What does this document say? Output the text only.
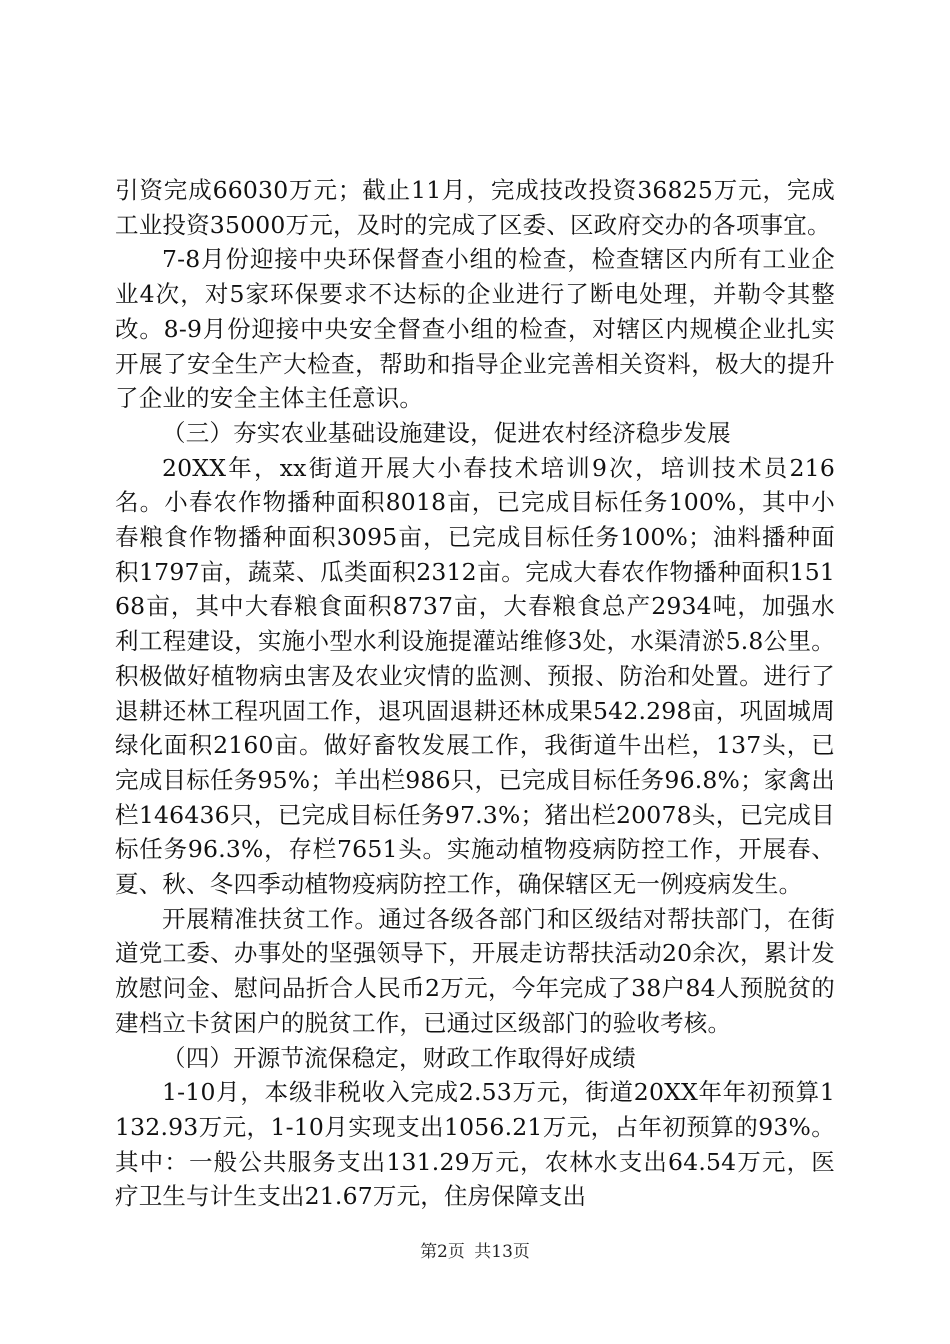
引资完成66030万元；截止11月，完成技改投资36825万元，完成工业投资35000万元，及时的完成了区委、区政府交办的各项事宜。

7-8月份迎接中央环保督查小组的检查，检查辖区内所有工业企业4次，对5家环保要求不达标的企业进行了断电处理，并勒令其整改。8-9月份迎接中央安全督查小组的检查，对辖区内规模企业扎实开展了安全生产大检查，帮助和指导企业完善相关资料，极大的提升了企业的安全主体主任意识。

（三）夯实农业基础设施建设，促进农村经济稳步发展

20XX年，xx街道开展大小春技术培训9次，培训技术员216名。小春农作物播种面积8018亩，已完成目标任务100%，其中小春粮食作物播种面积3095亩，已完成目标任务100%；油料播种面积1797亩，蔬菜、瓜类面积2312亩。完成大春农作物播种面积15168亩，其中大春粮食面积8737亩，大春粮食总产2934吨，加强水利工程建设，实施小型水利设施提灌站维修3处，水渠清淤5.8公里。积极做好植物病虫害及农业灾情的监测、预报、防治和处置。进行了退耕还林工程巩固工作，退巩固退耕还林成果542.298亩，巩固城周绿化面积2160亩。做好畜牧发展工作，我街道牛出栏，137头，已完成目标任务95%；羊出栏986只，已完成目标任务96.8%；家禽出栏146436只，已完成目标任务97.3%；猪出栏20078头，已完成目标任务96.3%，存栏7651头。实施动植物疫病防控工作，开展春、夏、秋、冬四季动植物疫病防控工作，确保辖区无一例疫病发生。

开展精准扶贫工作。通过各级各部门和区级结对帮扶部门，在街道党工委、办事处的坚强领导下，开展走访帮扶活动20余次，累计发放慰问金、慰问品折合人民币2万元，今年完成了38户84人预脱贫的建档立卡贫困户的脱贫工作，已通过区级部门的验收考核。

（四）开源节流保稳定，财政工作取得好成绩

1-10月，本级非税收入完成2.53万元，街道20XX年年初预算1132.93万元，1-10月实现支出1056.21万元，占年初预算的93%。其中：一般公共服务支出131.29万元，农林水支出64.54万元，医疗卫生与计生支出21.67万元，住房保障支出

第2页 共13页
